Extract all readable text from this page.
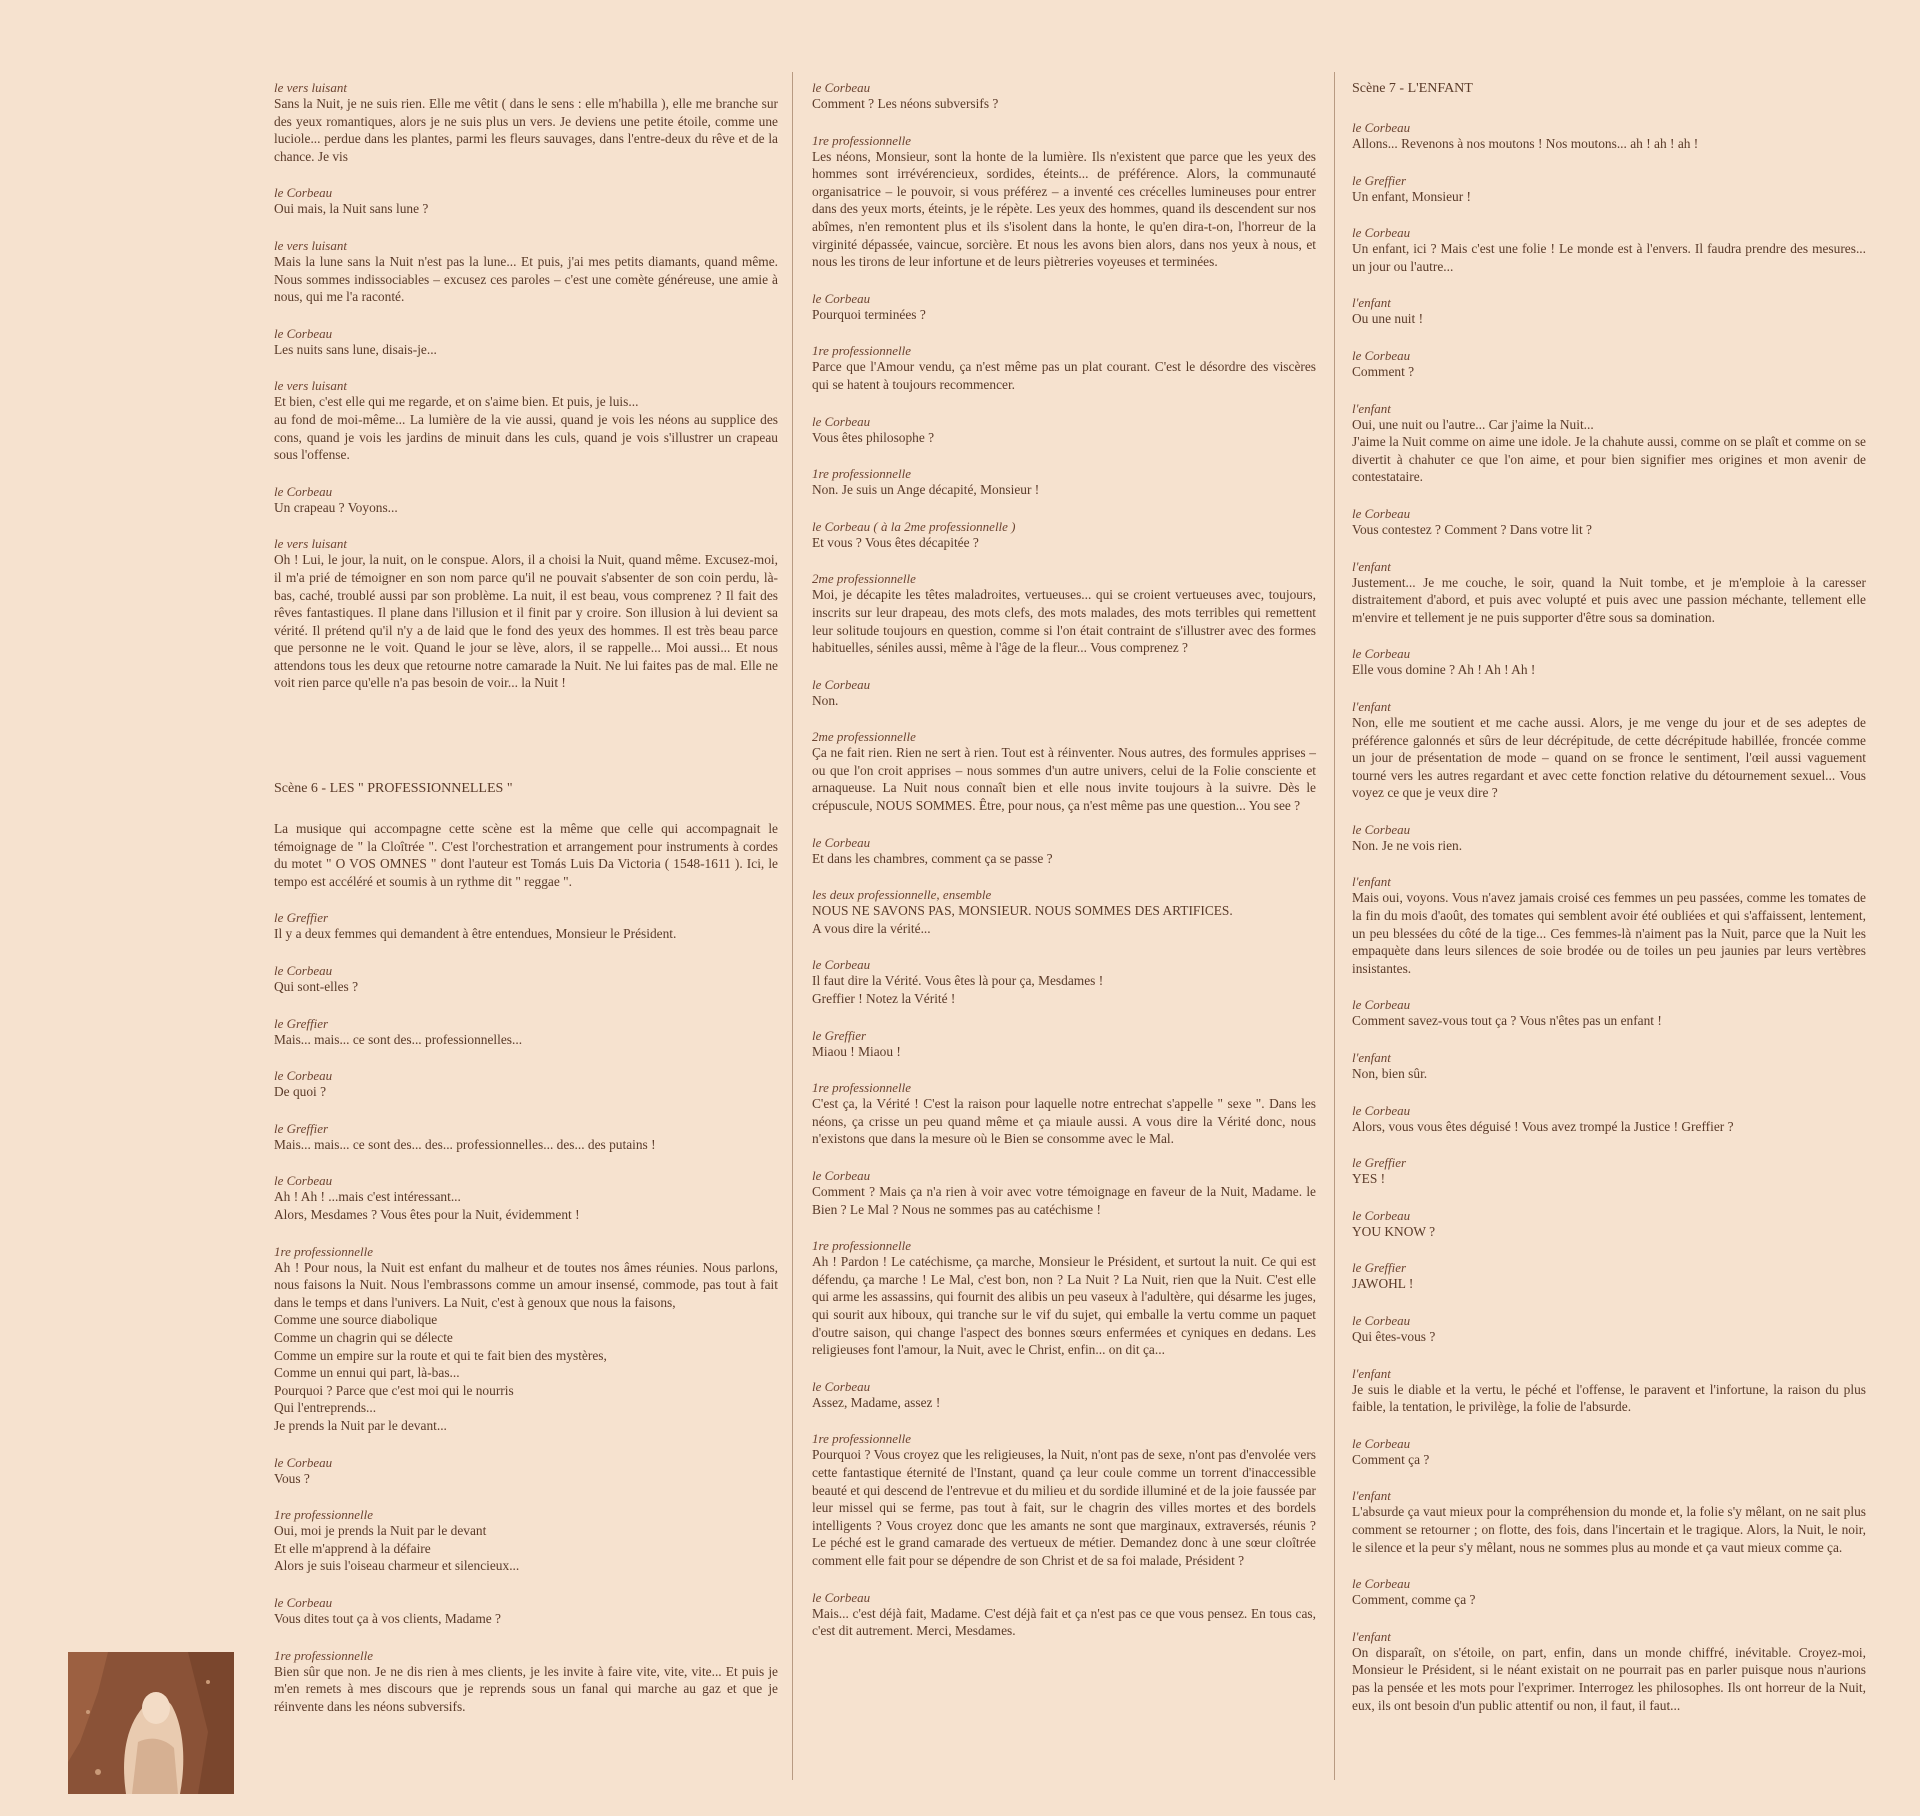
le vers luisant
Sans la Nuit, je ne suis rien. Elle me vêtit ( dans le sens : elle m'habilla ), elle me branche sur des yeux romantiques, alors je ne suis plus un vers. Je deviens une petite étoile, comme une luciole... perdue dans les plantes, parmi les fleurs sauvages, dans l'entre-deux du rêve et de la chance. Je vis
le Corbeau
Oui mais, la Nuit sans lune ?
le vers luisant
Mais la lune sans la Nuit n'est pas la lune... Et puis, j'ai mes petits diamants, quand même. Nous sommes indissociables – excusez ces paroles – c'est une comète généreuse, une amie à nous, qui me l'a raconté.
le Corbeau
Les nuits sans lune, disais-je...
le vers luisant
Et bien, c'est elle qui me regarde, et on s'aime bien. Et puis, je luis...
au fond de moi-même... La lumière de la vie aussi, quand je vois les néons au supplice des cons, quand je vois les jardins de minuit dans les culs, quand je vois s'illustrer un crapeau sous l'offense.
le Corbeau
Un crapeau ? Voyons...
le vers luisant
Oh ! Lui, le jour, la nuit, on le conspue. Alors, il a choisi la Nuit, quand même. Excusez-moi, il m'a prié de témoigner en son nom parce qu'il ne pouvait s'absenter de son coin perdu, là-bas, caché, troublé aussi par son problème. La nuit, il est beau, vous comprenez ? Il fait des rêves fantastiques. Il plane dans l'illusion et il finit par y croire. Son illusion à lui devient sa vérité. Il prétend qu'il n'y a de laid que le fond des yeux des hommes. Il est très beau parce que personne ne le voit. Quand le jour se lève, alors, il se rappelle... Moi aussi... Et nous attendons tous les deux que retourne notre camarade la Nuit. Ne lui faites pas de mal. Elle ne voit rien parce qu'elle n'a pas besoin de voir... la Nuit !
Scène 6 - LES " PROFESSIONNELLES "
La musique qui accompagne cette scène est la même que celle qui accompagnait le témoignage de " la Cloîtrée ". C'est l'orchestration et arrangement pour instruments à cordes du motet " O VOS OMNES " dont l'auteur est Tomás Luis Da Victoria ( 1548-1611 ). Ici, le tempo est accéléré et soumis à un rythme dit " reggae ".
le Greffier
Il y a deux femmes qui demandent à être entendues, Monsieur le Président.
le Corbeau
Qui sont-elles ?
le Greffier
Mais... mais... ce sont des... professionnelles...
le Corbeau
De quoi ?
le Greffier
Mais... mais... ce sont des... des... professionnelles... des... des putains !
le Corbeau
Ah ! Ah ! ...mais c'est intéressant...
Alors, Mesdames ? Vous êtes pour la Nuit, évidemment !
1re professionnelle
Ah ! Pour nous, la Nuit est enfant du malheur et de toutes nos âmes réunies. Nous parlons, nous faisons la Nuit. Nous l'embrassons comme un amour insensé, commode, pas tout à fait dans le temps et dans l'univers. La Nuit, c'est à genoux que nous la faisons,
Comme une source diabolique
Comme un chagrin qui se délecte
Comme un empire sur la route et qui te fait bien des mystères,
Comme un ennui qui part, là-bas...
Pourquoi ? Parce que c'est moi qui le nourris
Qui l'entreprends...
Je prends la Nuit par le devant...
le Corbeau
Vous ?
1re professionnelle
Oui, moi je prends la Nuit par le devant
Et elle m'apprend à la défaire
Alors je suis l'oiseau charmeur et silencieux...
le Corbeau
Vous dites tout ça à vos clients, Madame ?
1re professionnelle
Bien sûr que non. Je ne dis rien à mes clients, je les invite à faire vite, vite, vite... Et puis je m'en remets à mes discours que je reprends sous un fanal qui marche au gaz et que je réinvente dans les néons subversifs.
le Corbeau
Comment ? Les néons subversifs ?
1re professionnelle
Les néons, Monsieur, sont la honte de la lumière. Ils n'existent que parce que les yeux des hommes sont irrévérencieux, sordides, éteints... de préférence. Alors, la communauté organisatrice – le pouvoir, si vous préférez – a inventé ces crécelles lumineuses pour entrer dans des yeux morts, éteints, je le répète. Les yeux des hommes, quand ils descendent sur nos abîmes, n'en remontent plus et ils s'isolent dans la honte, le qu'en dira-t-on, l'horreur de la virginité dépassée, vaincue, sorcière. Et nous les avons bien alors, dans nos yeux à nous, et nous les tirons de leur infortune et de leurs piètreries voyeuses et terminées.
le Corbeau
Pourquoi terminées ?
1re professionnelle
Parce que l'Amour vendu, ça n'est même pas un plat courant. C'est le désordre des viscères qui se hatent à toujours recommencer.
le Corbeau
Vous êtes philosophe ?
1re professionnelle
Non. Je suis un Ange décapité, Monsieur !
le Corbeau ( à la 2me professionnelle )
Et vous ? Vous êtes décapitée ?
2me professionnelle
Moi, je décapite les têtes maladroites, vertueuses... qui se croient vertueuses avec, toujours, inscrits sur leur drapeau, des mots clefs, des mots malades, des mots terribles qui remettent leur solitude toujours en question, comme si l'on était contraint de s'illustrer avec des formes habituelles, séniles aussi, même à l'âge de la fleur... Vous comprenez ?
le Corbeau
Non.
2me professionnelle
Ça ne fait rien. Rien ne sert à rien. Tout est à réinventer. Nous autres, des formules apprises – ou que l'on croit apprises – nous sommes d'un autre univers, celui de la Folie consciente et arnaqueuse. La Nuit nous connaît bien et elle nous invite toujours à la suivre. Dès le crépuscule, NOUS SOMMES. Être, pour nous, ça n'est même pas une question... You see ?
le Corbeau
Et dans les chambres, comment ça se passe ?
les deux professionnelle, ensemble
NOUS NE SAVONS PAS, MONSIEUR. NOUS SOMMES DES ARTIFICES.
A vous dire la vérité...
le Corbeau
Il faut dire la Vérité. Vous êtes là pour ça, Mesdames !
Greffier ! Notez la Vérité !
le Greffier
Miaou ! Miaou !
1re professionnelle
C'est ça, la Vérité ! C'est la raison pour laquelle notre entrechat s'appelle " sexe ". Dans les néons, ça crisse un peu quand même et ça miaule aussi. A vous dire la Vérité donc, nous n'existons que dans la mesure où le Bien se consomme avec le Mal.
le Corbeau
Comment ? Mais ça n'a rien à voir avec votre témoignage en faveur de la Nuit, Madame. le Bien ? Le Mal ? Nous ne sommes pas au catéchisme !
1re professionnelle
Ah ! Pardon ! Le catéchisme, ça marche, Monsieur le Président, et surtout la nuit. Ce qui est défendu, ça marche ! Le Mal, c'est bon, non ? La Nuit ? La Nuit, rien que la Nuit. C'est elle qui arme les assassins, qui fournit des alibis un peu vaseux à l'adultère, qui désarme les juges, qui sourit aux hiboux, qui tranche sur le vif du sujet, qui emballe la vertu comme un paquet d'outre saison, qui change l'aspect des bonnes sœurs enfermées et cyniques en dedans. Les religieuses font l'amour, la Nuit, avec le Christ, enfin... on dit ça...
le Corbeau
Assez, Madame, assez !
1re professionnelle
Pourquoi ? Vous croyez que les religieuses, la Nuit, n'ont pas de sexe, n'ont pas d'envolée vers cette fantastique éternité de l'Instant, quand ça leur coule comme un torrent d'inaccessible beauté et qui descend de l'entrevue et du milieu et du sordide illuminé et de la joie faussée par leur missel qui se ferme, pas tout à fait, sur le chagrin des villes mortes et des bordels intelligents ? Vous croyez donc que les amants ne sont que marginaux, extraversés, réunis ? Le péché est le grand camarade des vertueux de métier. Demandez donc à une sœur cloîtrée comment elle fait pour se dépendre de son Christ et de sa foi malade, Président ?
le Corbeau
Mais... c'est déjà fait, Madame. C'est déjà fait et ça n'est pas ce que vous pensez. En tous cas, c'est dit autrement. Merci, Mesdames.
Scène 7 - L'ENFANT
le Corbeau
Allons... Revenons à nos moutons ! Nos moutons... ah ! ah ! ah !
le Greffier
Un enfant, Monsieur !
le Corbeau
Un enfant, ici ? Mais c'est une folie ! Le monde est à l'envers. Il faudra prendre des mesures... un jour ou l'autre...
l'enfant
Ou une nuit !
le Corbeau
Comment ?
l'enfant
Oui, une nuit ou l'autre... Car j'aime la Nuit...
J'aime la Nuit comme on aime une idole. Je la chahute aussi, comme on se plaît et comme on se divertit à chahuter ce que l'on aime, et pour bien signifier mes origines et mon avenir de contestataire.
le Corbeau
Vous contestez ? Comment ? Dans votre lit ?
l'enfant
Justement... Je me couche, le soir, quand la Nuit tombe, et je m'emploie à la caresser distraitement d'abord, et puis avec volupté et puis avec une passion méchante, tellement elle m'envire et tellement je ne puis supporter d'être sous sa domination.
le Corbeau
Elle vous domine ? Ah ! Ah ! Ah !
l'enfant
Non, elle me soutient et me cache aussi. Alors, je me venge du jour et de ses adeptes de préférence galonnés et sûrs de leur décrépitude, de cette décrépitude habillée, froncée comme un jour de présentation de mode – quand on se fronce le sentiment, l'œil aussi vaguement tourné vers les autres regardant et avec cette fonction relative du détournement sexuel... Vous voyez ce que je veux dire ?
le Corbeau
Non. Je ne vois rien.
l'enfant
Mais oui, voyons. Vous n'avez jamais croisé ces femmes un peu passées, comme les tomates de la fin du mois d'août, des tomates qui semblent avoir été oubliées et qui s'affaissent, lentement, un peu blessées du côté de la tige... Ces femmes-là n'aiment pas la Nuit, parce que la Nuit les empaquète dans leurs silences de soie brodée ou de toiles un peu jaunies par leurs vertèbres insistantes.
le Corbeau
Comment savez-vous tout ça ? Vous n'êtes pas un enfant !
l'enfant
Non, bien sûr.
le Corbeau
Alors, vous vous êtes déguisé ! Vous avez trompé la Justice ! Greffier ?
le Greffier
YES !
le Corbeau
YOU KNOW ?
le Greffier
JAWOHL !
le Corbeau
Qui êtes-vous ?
l'enfant
Je suis le diable et la vertu, le péché et l'offense, le paravent et l'infortune, la raison du plus faible, la tentation, le privilège, la folie de l'absurde.
le Corbeau
Comment ça ?
l'enfant
L'absurde ça vaut mieux pour la compréhension du monde et, la folie s'y mêlant, on ne sait plus comment se retourner ; on flotte, des fois, dans l'incertain et le tragique. Alors, la Nuit, le noir, le silence et la peur s'y mêlant, nous ne sommes plus au monde et ça vaut mieux comme ça.
le Corbeau
Comment, comme ça ?
l'enfant
On disparaît, on s'étoile, on part, enfin, dans un monde chiffré, inévitable. Croyez-moi, Monsieur le Président, si le néant existait on ne pourrait pas en parler puisque nous n'aurions pas la pensée et les mots pour l'exprimer. Interrogez les philosophes. Ils ont horreur de la Nuit, eux, ils ont besoin d'un public attentif ou non, il faut, il faut...
